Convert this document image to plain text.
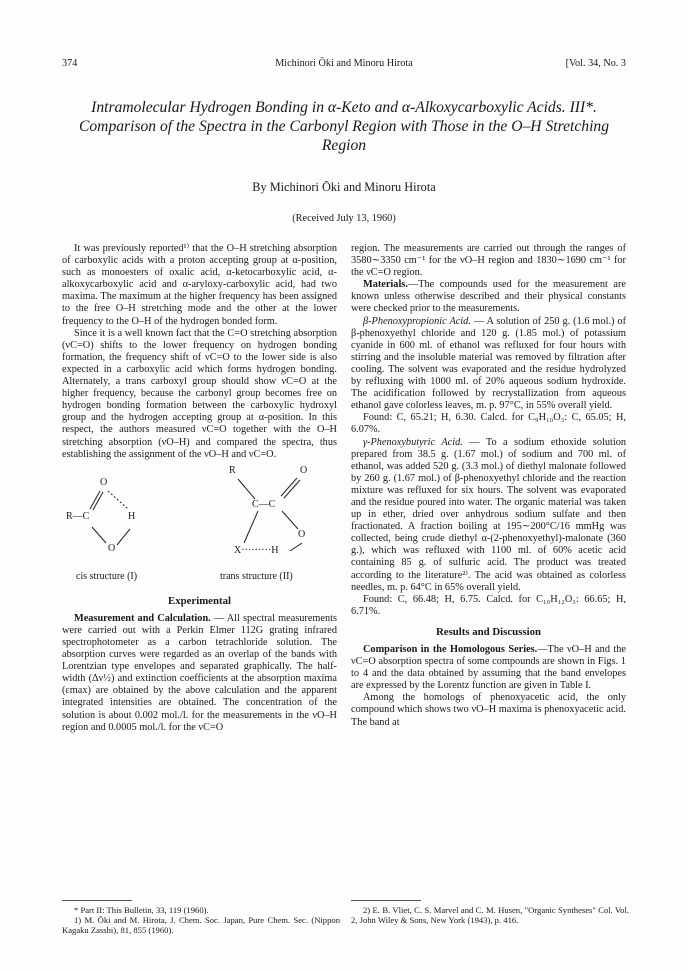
374	Michinori Ōki and Minoru Hirota	[Vol. 34, No. 3
Intramolecular Hydrogen Bonding in α-Keto and α-Alkoxycarboxylic Acids. III*. Comparison of the Spectra in the Carbonyl Region with Those in the O–H Stretching Region
By Michinori Ōki and Minoru Hirota
(Received July 13, 1960)

It was previously reported¹⁾ that the O–H stretching absorption of carboxylic acids with a proton accepting group at α-position, such as monoesters of oxalic acid, α-ketocarboxylic acid, α-alkoxycarboxylic acid and α-aryloxy-carboxylic acid, had two maxima. The maximum at the higher frequency has been assigned to the free O–H stretching mode and the other at the lower frequency to the O–H of the hydrogen bonded form.

Since it is a well known fact that the C=O stretching absorption (νC=O) shifts to the lower frequency on hydrogen bonding formation, the frequency shift of νC=O to the lower side is also expected in a carboxylic acid which forms hydrogen bonding. Alternately, a trans carboxyl group should show νC=O at the higher frequency, because the carbonyl group becomes free on hydrogen bonding formation between the carboxylic hydroxyl group and the hydrogen accepting group at α-position. In this respect, the authors measured νC=O together with the O–H stretching absorption (νO–H) and compared the spectra, thus establishing the assignment of the νO–H and νC=O.

O
R—C	H
O
R	O
C—C
O
X·········H
cis structure (I)	trans structure (II)
Experimental

Measurement and Calculation. — All spectral measurements were carried out with a Perkin Elmer 112G grating infrared spectrophotometer as a carbon tetrachloride solution. The absorption curves were regarded as an overlap of the bands with Lorentzian type envelopes and separated graphically. The half-width (Δν½) and extinction coefficients at the absorption maxima (εmax) are obtained by the above calculation and the apparent integrated intensities are obtained. The concentration of the solution is about 0.002 mol./l. for the measurements in the νO–H region and 0.0005 mol./l. for the νC=O

region. The measurements are carried out through the ranges of 3580∼3350 cm⁻¹ for the νO–H region and 1830∼1690 cm⁻¹ for the νC=O region.

Materials.—The compounds used for the measurement are known unless otherwise described and their physical constants were checked prior to the measurements.

β-Phenoxypropionic Acid. — A solution of 250 g. (1.6 mol.) of β-phenoxyethyl chloride and 120 g. (1.85 mol.) of potassium cyanide in 600 ml. of ethanol was refluxed for four hours with stirring and the insoluble material was removed by filtration after cooling. The solvent was evaporated and the residue hydrolyzed by refluxing with 1000 ml. of 20% aqueous sodium hydroxide. The acidification followed by recrystallization from aqueous ethanol gave colorless leaves, m. p. 97°C, in 55% overall yield.

Found: C, 65.21; H, 6.30. Calcd. for C₉H₁₀O₃: C, 65.05; H, 6.07%.

γ-Phenoxybutyric Acid. — To a sodium ethoxide solution prepared from 38.5 g. (1.67 mol.) of sodium and 700 ml. of ethanol, was added 520 g. (3.3 mol.) of diethyl malonate followed by 260 g. (1.67 mol.) of β-phenoxyethyl chloride and the reaction mixture was refluxed for six hours. The solvent was evaporated and the residue poured into water. The organic material was taken up in ether, dried over anhydrous sodium sulfate and then fractionated. A fraction boiling at 195∼200°C/16 mmHg was collected, being crude diethyl α-(2-phenoxyethyl)-malonate (360 g.), which was refluxed with 1100 ml. of 60% acetic acid containing 85 g. of sulfuric acid. The product was treated according to the literature²⁾. The acid was obtained as colorless needles, m. p. 64°C in 65% overall yield.

Found: C, 66.48; H, 6.75. Calcd. for C₁₀H₁₂O₃: 66.65; H, 6.71%.

Results and Discussion

Comparison in the Homologous Series.—The νO–H and the νC=O absorption spectra of some compounds are shown in Figs. 1 to 4 and the data obtained by assuming that the band envelopes are expressed by the Lorentz function are given in Table I.

Among the homologs of phenoxyacetic acid, the only compound which shows two νO–H maxima is phenoxyacetic acid. The band at

* Part II: This Bulletin, 33, 119 (1960).

1) M. Ōki and M. Hirota, J. Chem. Soc. Japan, Pure Chem. Sec. (Nippon Kagaku Zasshi), 81, 855 (1960).

2) E. B. Vliet, C. S. Marvel and C. M. Husen, "Organic Syntheses" Col. Vol. 2, John Wiley & Sons, New York (1943), p. 416.
